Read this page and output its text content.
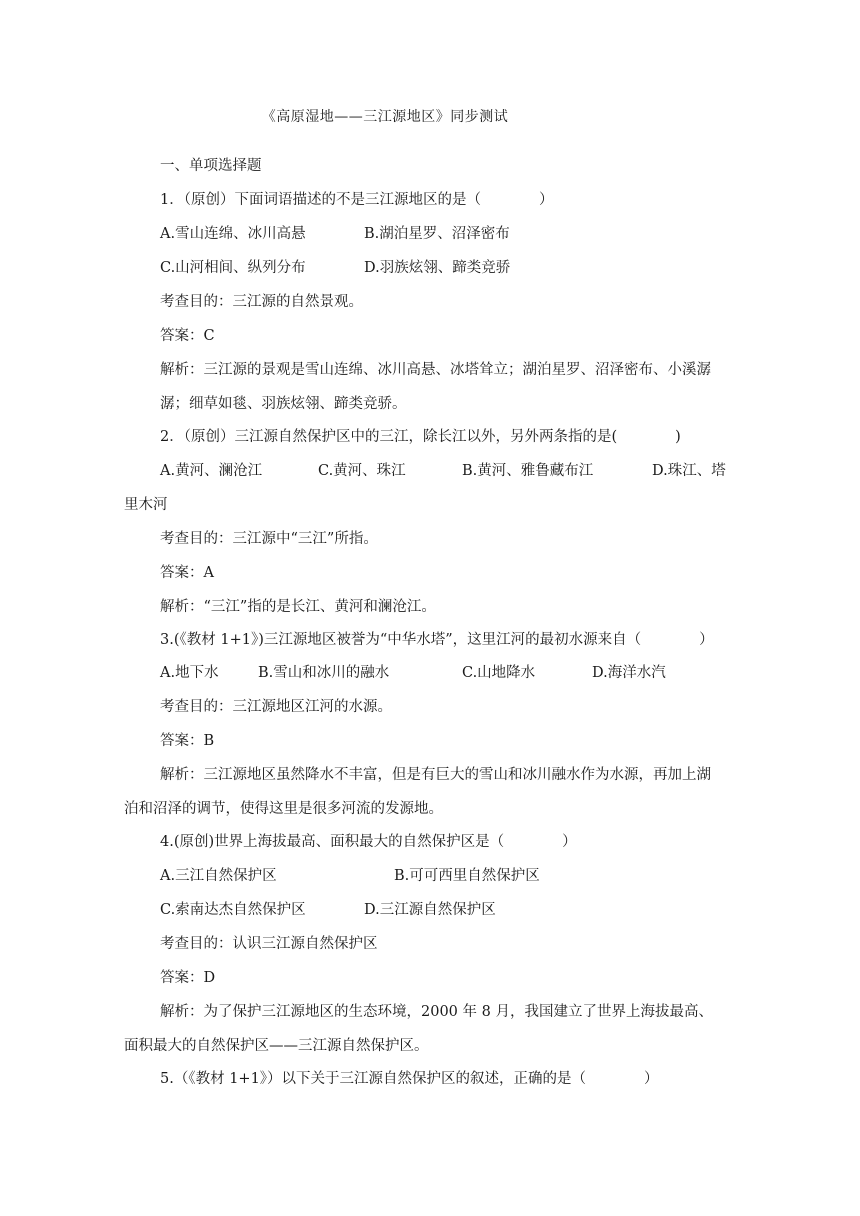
《高原湿地——三江源地区》同步测试
一、单项选择题
1．（原创）下面词语描述的不是三江源地区的是（　　　　）
A.雪山连绵、冰川高悬	B.湖泊星罗、沼泽密布
C.山河相间、纵列分布	D.羽族炫翎、蹄类竞骄
考查目的：三江源的自然景观。
答案：C
解析：三江源的景观是雪山连绵、冰川高悬、冰塔耸立；湖泊星罗、沼泽密布、小溪潺
潺；细草如毯、羽族炫翎、蹄类竞骄。
2．（原创）三江源自然保护区中的三江，除长江以外，另外两条指的是(　　　　)
A.黄河、澜沧江	C.黄河、珠江	B.黄河、雅鲁藏布江	D.珠江、塔
里木河
考查目的：三江源中“三江”所指。
答案：A
解析：“三江”指的是长江、黄河和澜沧江。
3.(《教材 1+1》)三江源地区被誉为“中华水塔”，这里江河的最初水源来自（　　　　）
A.地下水	B.雪山和冰川的融水	C.山地降水	D.海洋水汽
考查目的：三江源地区江河的水源。
答案：B
解析：三江源地区虽然降水不丰富，但是有巨大的雪山和冰川融水作为水源，再加上湖
泊和沼泽的调节，使得这里是很多河流的发源地。
4.(原创)世界上海拔最高、面积最大的自然保护区是（　　　　）
A.三江自然保护区	B.可可西里自然保护区
C.索南达杰自然保护区	D.三江源自然保护区
考查目的：认识三江源自然保护区
答案：D
解析：为了保护三江源地区的生态环境，2000 年 8 月，我国建立了世界上海拔最高、
面积最大的自然保护区——三江源自然保护区。
5.（《教材 1+1》）以下关于三江源自然保护区的叙述，正确的是（　　　　）
